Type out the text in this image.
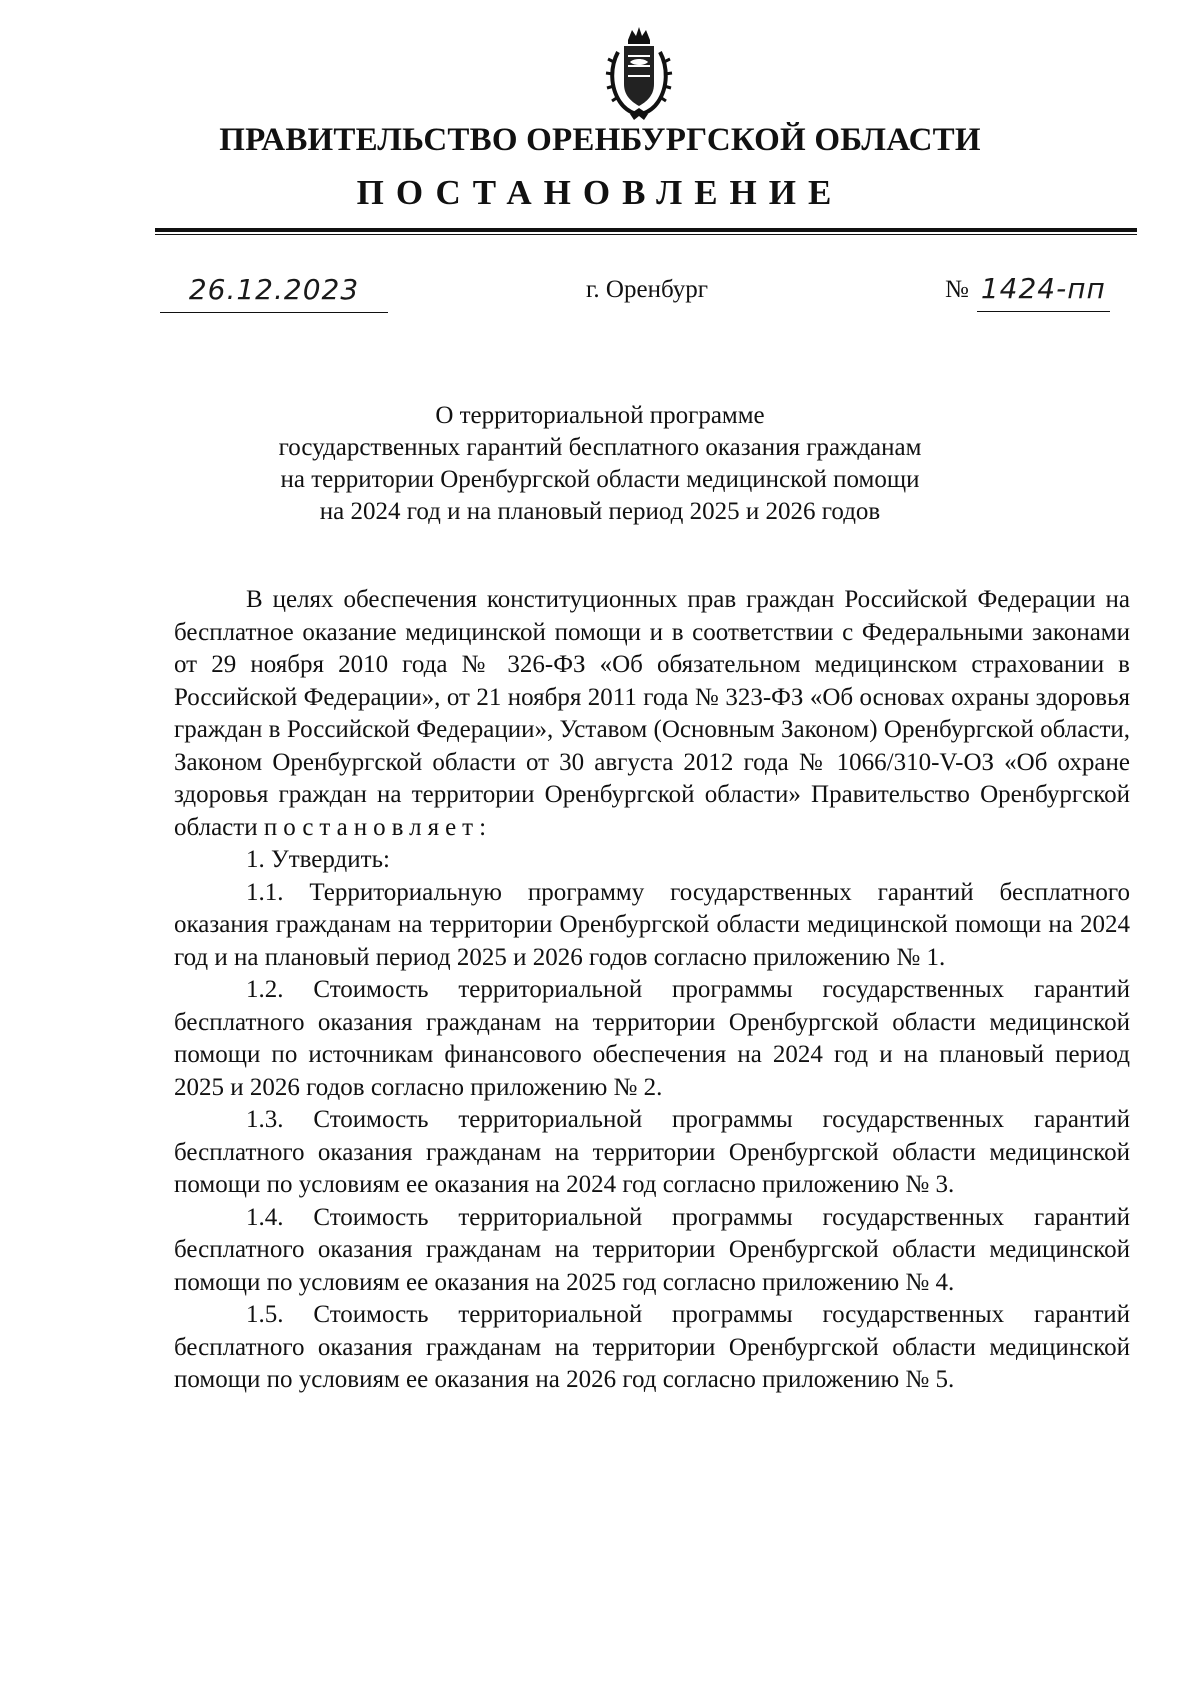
ПРАВИТЕЛЬСТВО ОРЕНБУРГСКОЙ ОБЛАСТИ
ПОСТАНОВЛЕНИЕ
26.12.2023	г. Оренбург	№ 1424-пп
О территориальной программе
государственных гарантий бесплатного оказания гражданам
на территории Оренбургской области медицинской помощи
на 2024 год и на плановый период 2025 и 2026 годов

В целях обеспечения конституционных прав граждан Российской Федерации на бесплатное оказание медицинской помощи и в соответствии с Федеральными законами от 29 ноября 2010 года № 326-ФЗ «Об обязательном медицинском страховании в Российской Федерации», от 21 ноября 2011 года № 323-ФЗ «Об основах охраны здоровья граждан в Российской Федерации», Уставом (Основным Законом) Оренбургской области, Законом Оренбургской области от 30 августа 2012 года № 1066/310-V-ОЗ «Об охране здоровья граждан на территории Оренбургской области» Правительство Оренбургской области постановляет:

1. Утвердить:

1.1. Территориальную программу государственных гарантий бесплатного оказания гражданам на территории Оренбургской области медицинской помощи на 2024 год и на плановый период 2025 и 2026 годов согласно приложению № 1.

1.2. Стоимость территориальной программы государственных гарантий бесплатного оказания гражданам на территории Оренбургской области медицинской помощи по источникам финансового обеспечения на 2024 год и на плановый период 2025 и 2026 годов согласно приложению № 2.

1.3. Стоимость территориальной программы государственных гарантий бесплатного оказания гражданам на территории Оренбургской области медицинской помощи по условиям ее оказания на 2024 год согласно приложению № 3.

1.4. Стоимость территориальной программы государственных гарантий бесплатного оказания гражданам на территории Оренбургской области медицинской помощи по условиям ее оказания на 2025 год согласно приложению № 4.

1.5. Стоимость территориальной программы государственных гарантий бесплатного оказания гражданам на территории Оренбургской области медицинской помощи по условиям ее оказания на 2026 год согласно приложению № 5.
